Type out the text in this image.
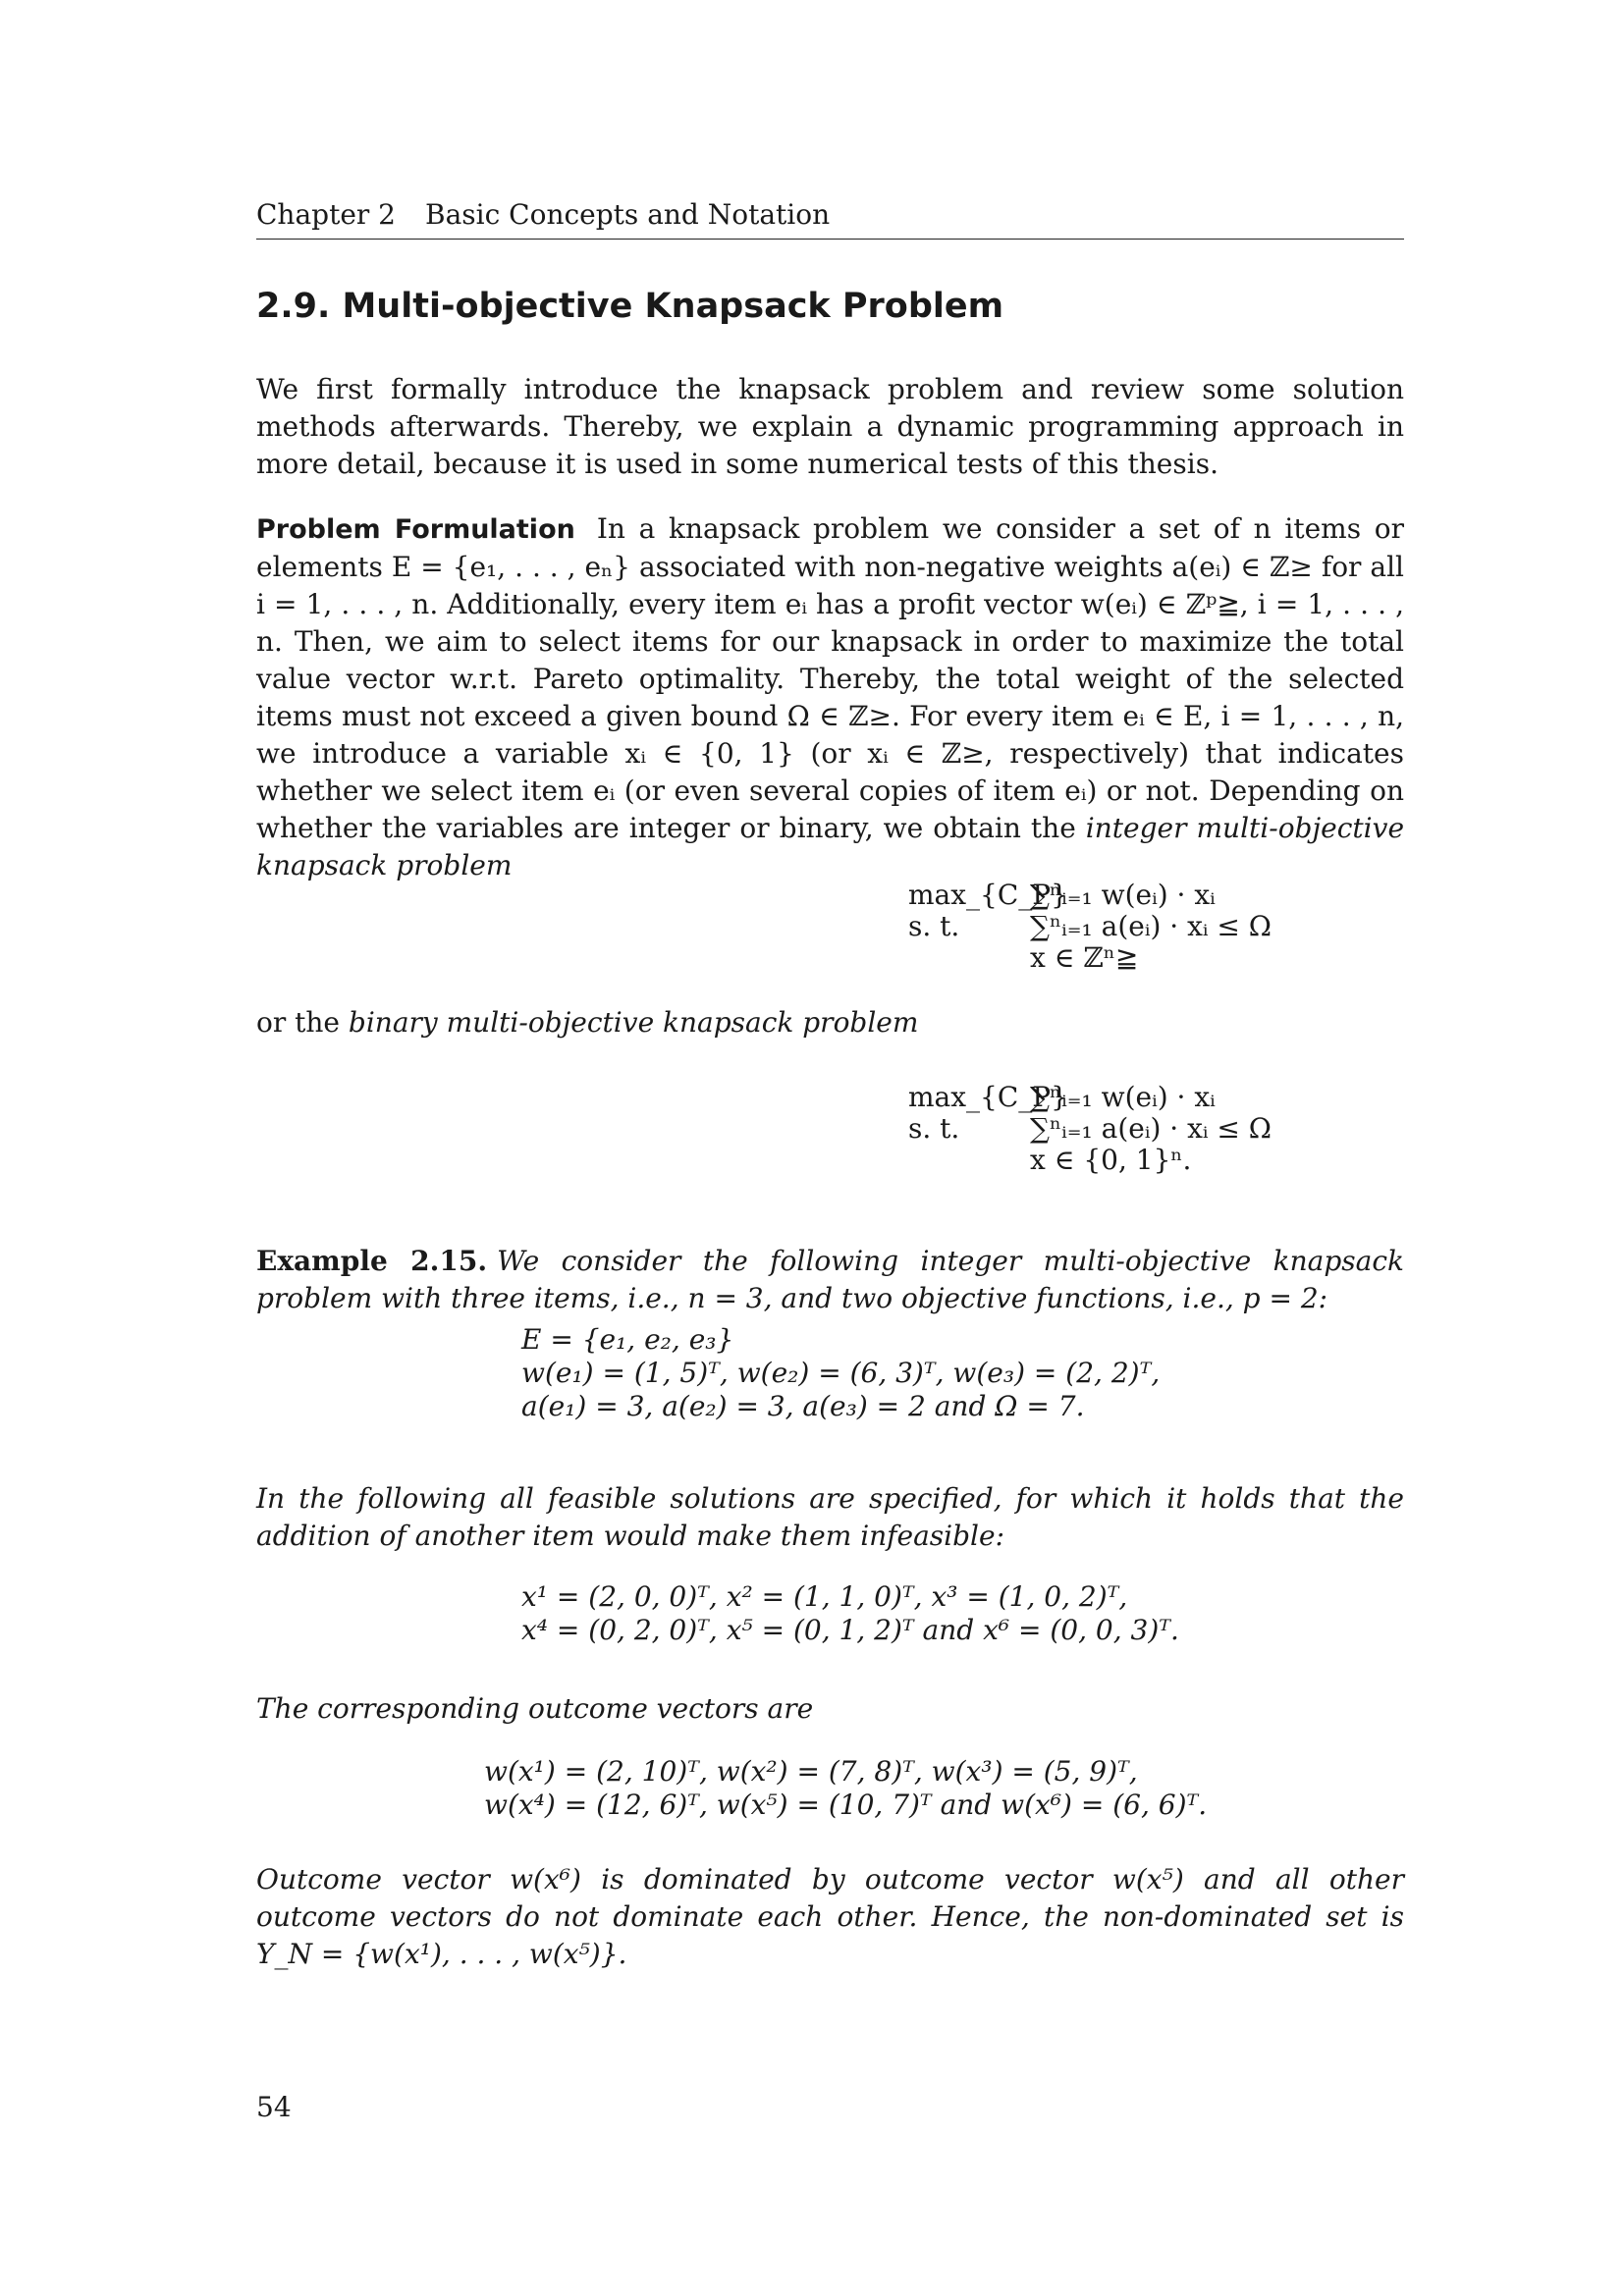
Chapter 2 Basic Concepts and Notation
2.9. Multi-objective Knapsack Problem

We first formally introduce the knapsack problem and review some solution methods afterwards. Thereby, we explain a dynamic programming approach in more detail, because it is used in some numerical tests of this thesis.

Problem Formulation In a knapsack problem we consider a set of n items or elements E = {e₁, . . . , eₙ} associated with non-negative weights a(eᵢ) ∈ ℤ≥ for all i = 1, . . . , n. Additionally, every item eᵢ has a profit vector w(eᵢ) ∈ ℤᵖ≧, i = 1, . . . , n. Then, we aim to select items for our knapsack in order to maximize the total value vector w.r.t. Pareto optimality. Thereby, the total weight of the selected items must not exceed a given bound Ω ∈ ℤ≥. For every item eᵢ ∈ E, i = 1, . . . , n, we introduce a variable xᵢ ∈ {0, 1} (or xᵢ ∈ ℤ≥, respectively) that indicates whether we select item eᵢ (or even several copies of item eᵢ) or not. Depending on whether the variables are integer or binary, we obtain the integer multi-objective knapsack problem

max_{C_P}
∑ⁿᵢ₌₁ w(eᵢ) · xᵢ
s. t.	∑ⁿᵢ₌₁ a(eᵢ) · xᵢ ≤ Ω
x ∈ ℤⁿ≧

or the binary multi-objective knapsack problem

max_{C_P}
∑ⁿᵢ₌₁ w(eᵢ) · xᵢ
s. t.	∑ⁿᵢ₌₁ a(eᵢ) · xᵢ ≤ Ω
x ∈ {0, 1}ⁿ.

Example 2.15. We consider the following integer multi-objective knapsack problem with three items, i.e., n = 3, and two objective functions, i.e., p = 2:

E = {e₁, e₂, e₃}
w(e₁) = (1, 5)ᵀ, w(e₂) = (6, 3)ᵀ, w(e₃) = (2, 2)ᵀ,
a(e₁) = 3, a(e₂) = 3, a(e₃) = 2 and Ω = 7.

In the following all feasible solutions are specified, for which it holds that the addition of another item would make them infeasible:

x¹ = (2, 0, 0)ᵀ, x² = (1, 1, 0)ᵀ, x³ = (1, 0, 2)ᵀ,
x⁴ = (0, 2, 0)ᵀ, x⁵ = (0, 1, 2)ᵀ and x⁶ = (0, 0, 3)ᵀ.

The corresponding outcome vectors are

w(x¹) = (2, 10)ᵀ, w(x²) = (7, 8)ᵀ, w(x³) = (5, 9)ᵀ,
w(x⁴) = (12, 6)ᵀ, w(x⁵) = (10, 7)ᵀ and w(x⁶) = (6, 6)ᵀ.

Outcome vector w(x⁶) is dominated by outcome vector w(x⁵) and all other outcome vectors do not dominate each other. Hence, the non-dominated set is Y_N = {w(x¹), . . . , w(x⁵)}.

54
